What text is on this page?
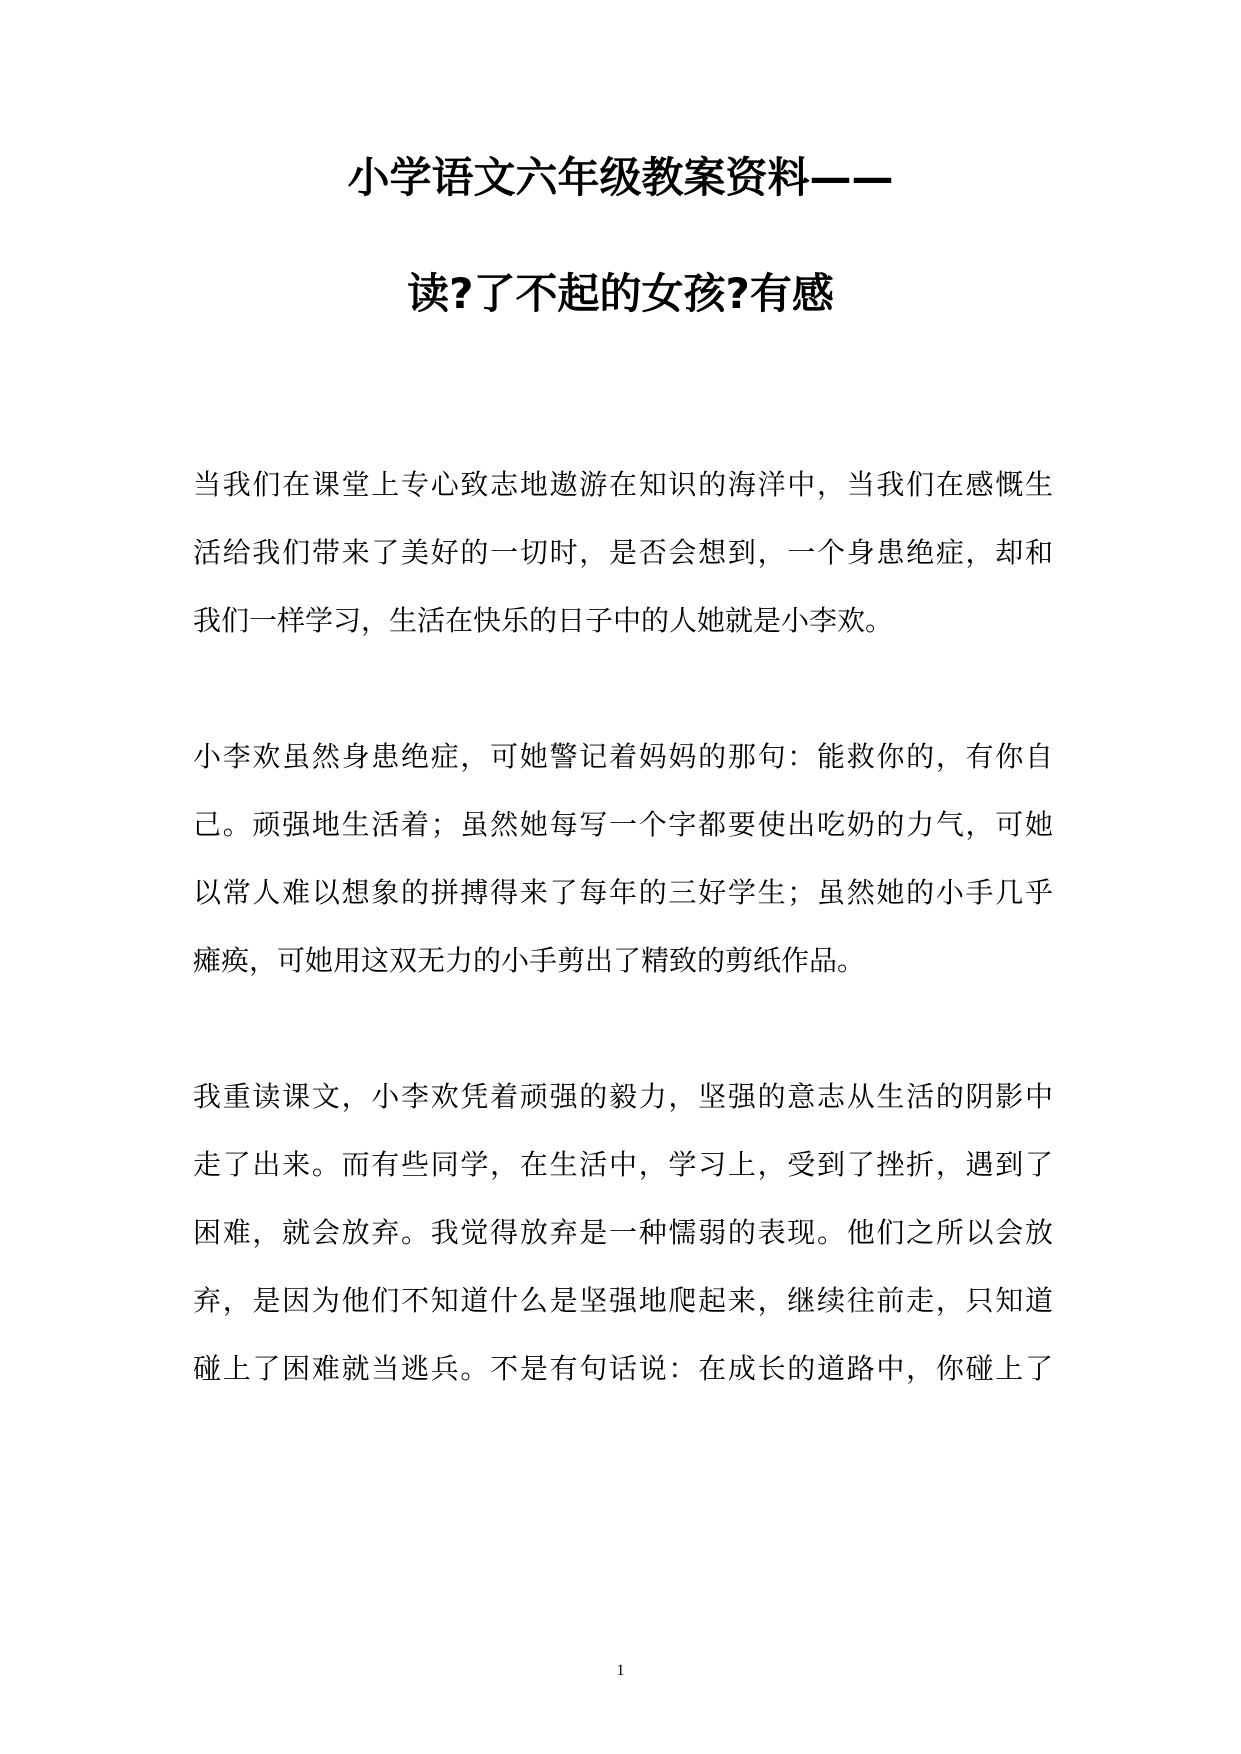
小学语文六年级教案资料——
读?了不起的女孩?有感
当我们在课堂上专心致志地遨游在知识的海洋中，当我们在感慨生
活给我们带来了美好的一切时，是否会想到，一个身患绝症，却和
我们一样学习，生活在快乐的日子中的人她就是小李欢。
小李欢虽然身患绝症，可她警记着妈妈的那句：能救你的，有你自
己。顽强地生活着；虽然她每写一个字都要使出吃奶的力气，可她
以常人难以想象的拼搏得来了每年的三好学生；虽然她的小手几乎
瘫痪，可她用这双无力的小手剪出了精致的剪纸作品。
我重读课文，小李欢凭着顽强的毅力，坚强的意志从生活的阴影中
走了出来。而有些同学，在生活中，学习上，受到了挫折，遇到了
困难，就会放弃。我觉得放弃是一种懦弱的表现。他们之所以会放
弃，是因为他们不知道什么是坚强地爬起来，继续往前走，只知道
碰上了困难就当逃兵。不是有句话说：在成长的道路中，你碰上了
1
